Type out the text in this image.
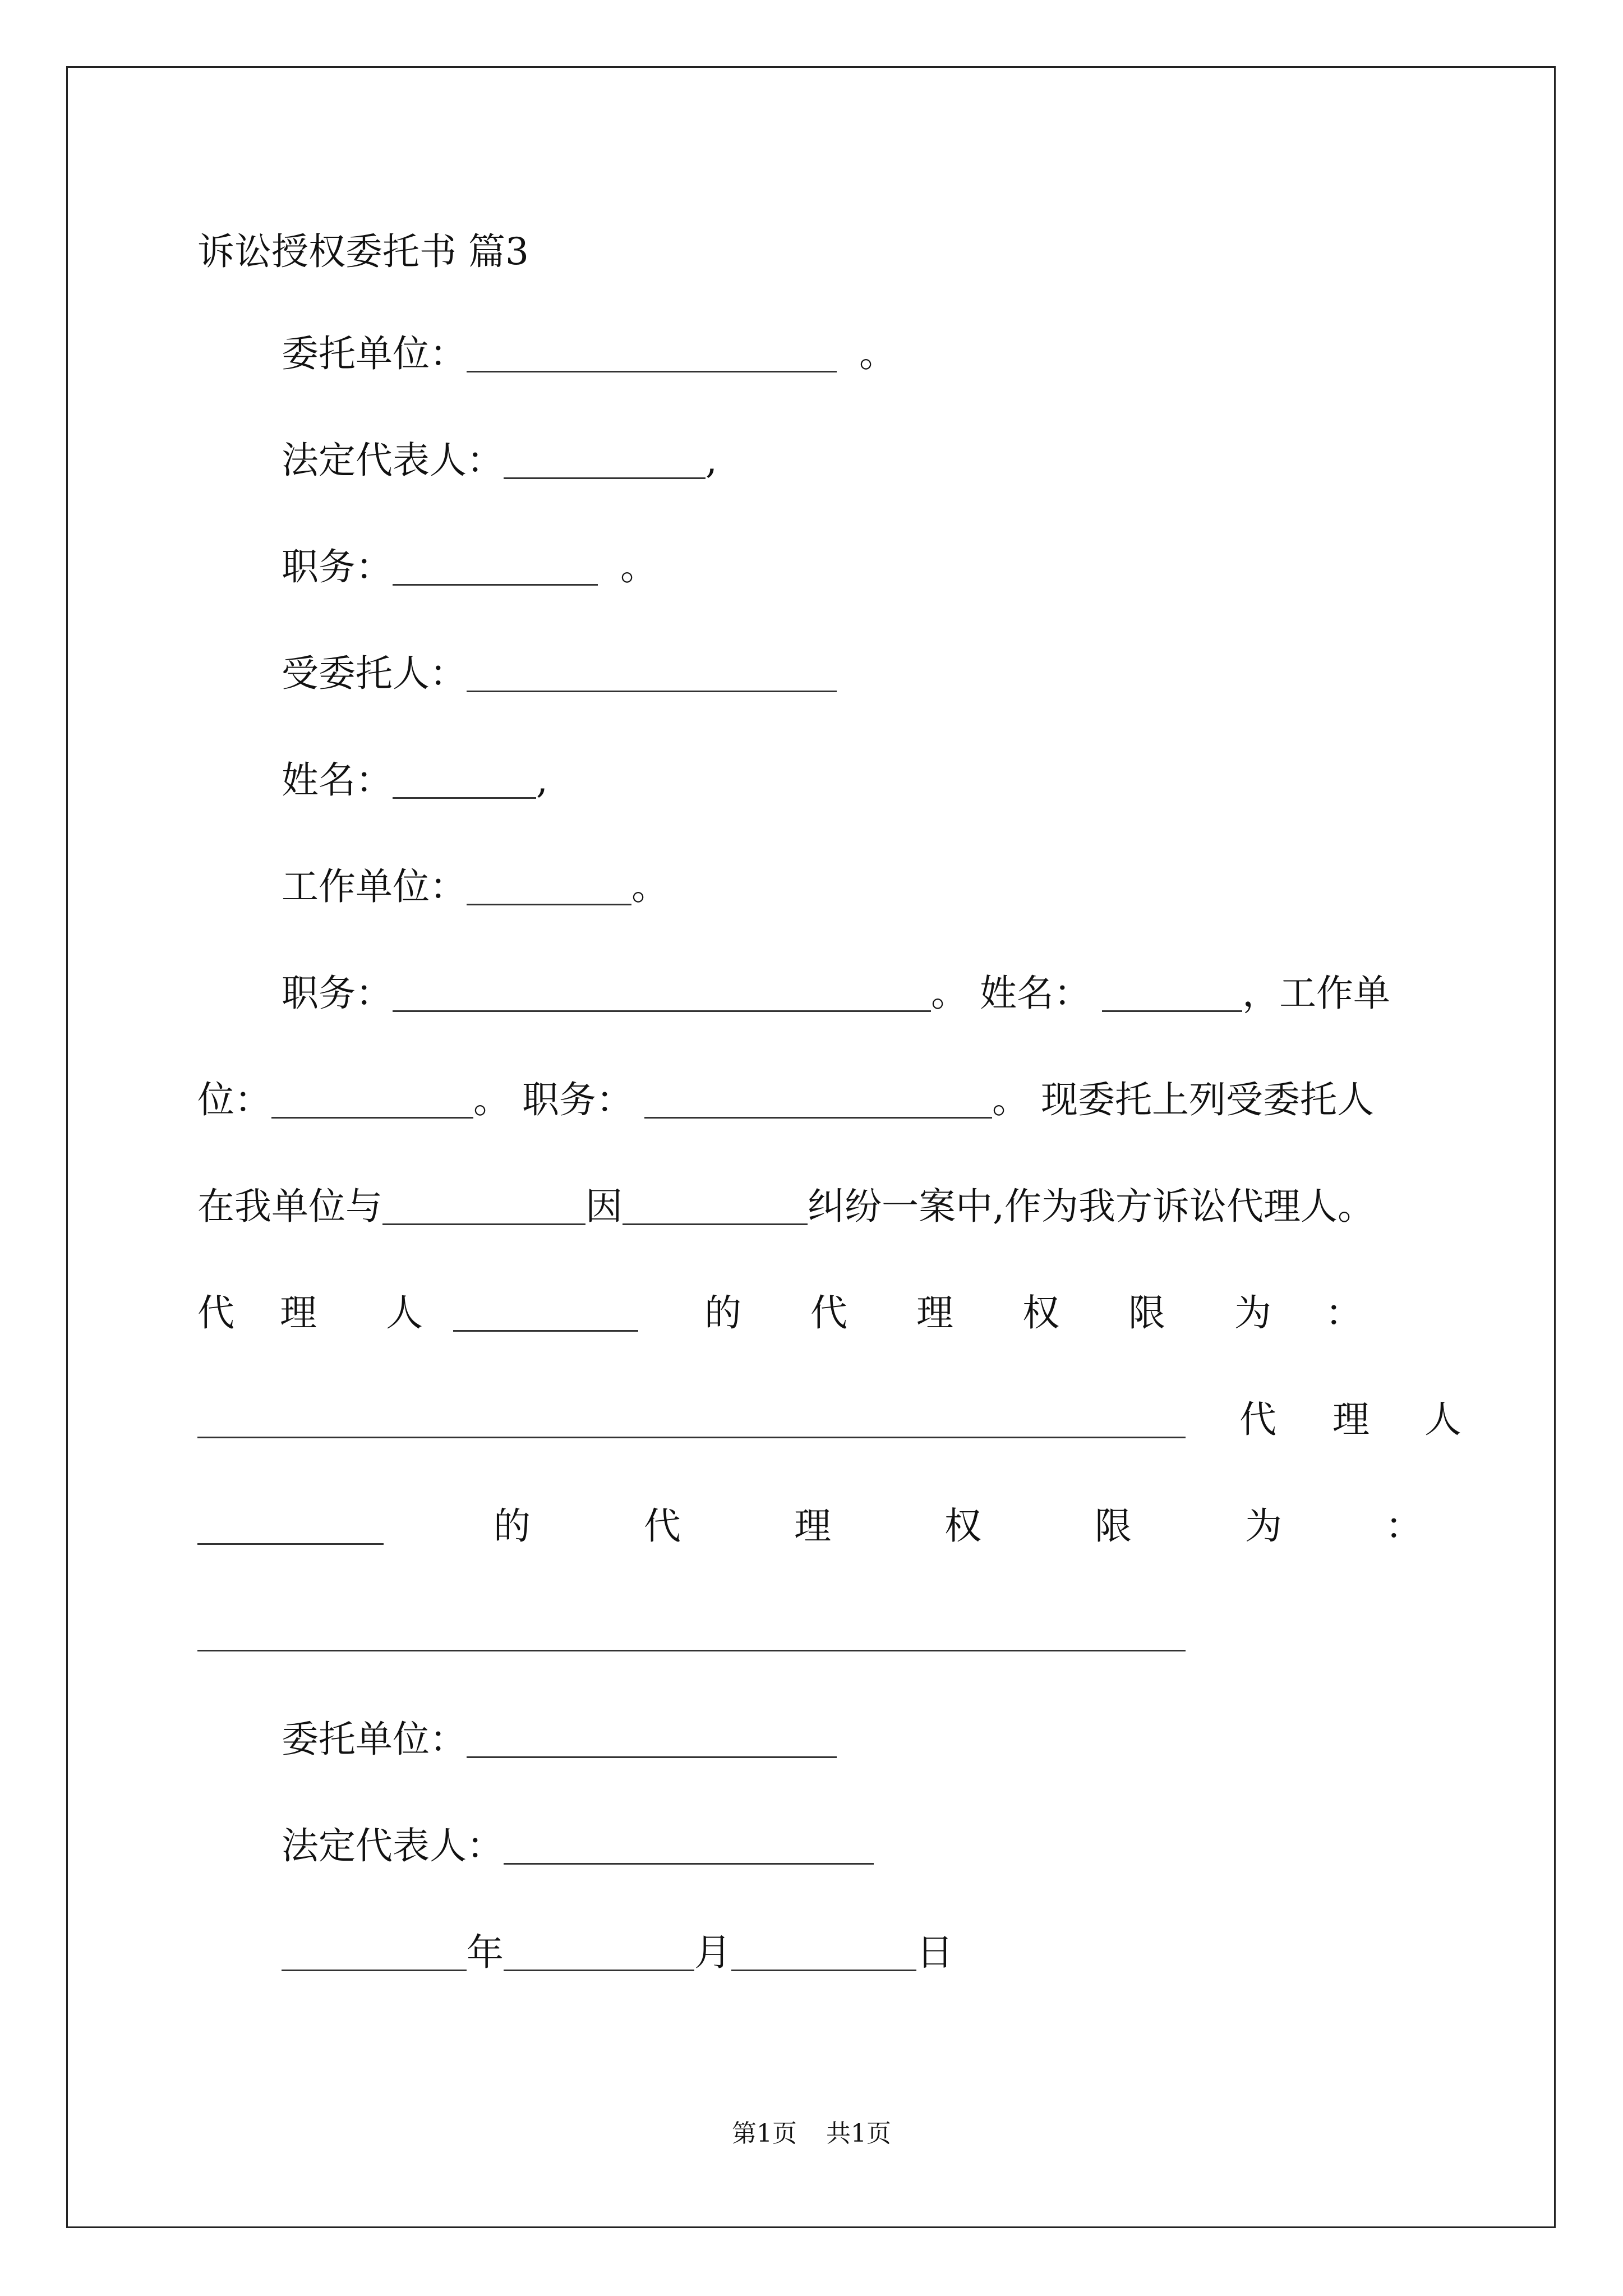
诉讼授权委托书 篇3
委托单位：	。
法定代表人：	,
职务：	。
受委托人：
姓名：	,
工作单位：	。
职务：	。 姓名：	，工作单
位：	。 职务：	。 现委托上列受委托人
在我单位与	因	纠纷一案中,作为我方诉讼代理人。
代 理 人	的 代 理 权 限 为 ：
代 理 人
的	代	理	权	限	为	：
委托单位：
法定代表人：
年	月	日
第1页 共1页
